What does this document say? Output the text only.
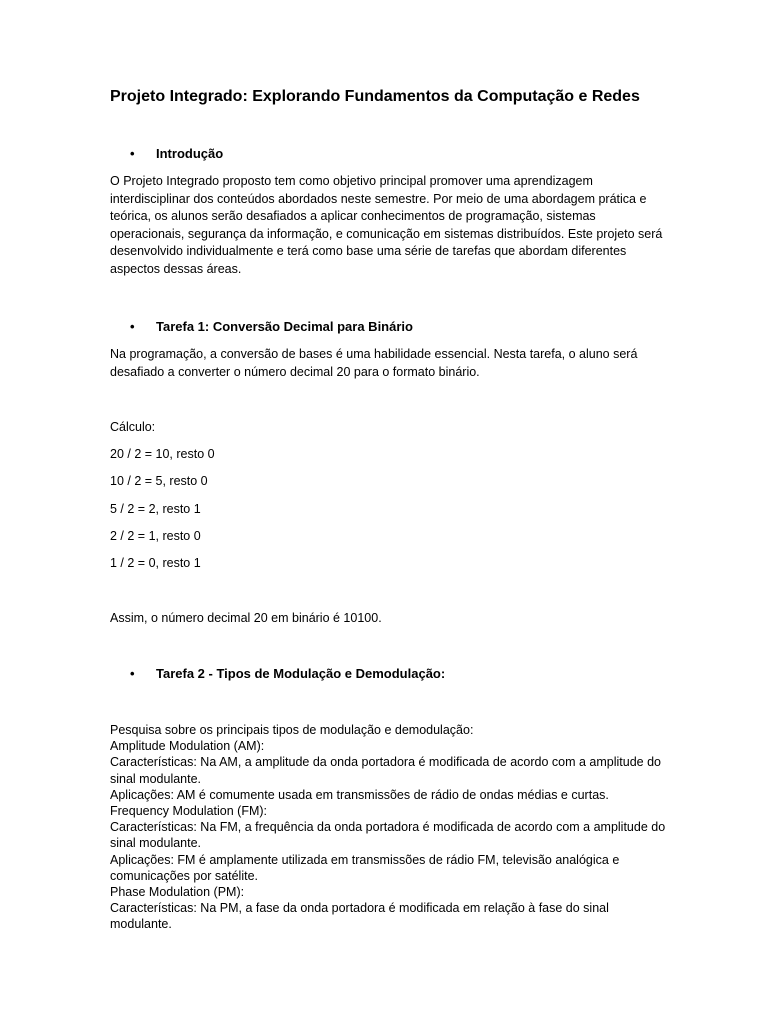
Projeto Integrado: Explorando Fundamentos da Computação e Redes
• Introdução
O Projeto Integrado proposto tem como objetivo principal promover uma aprendizagem interdisciplinar dos conteúdos abordados neste semestre. Por meio de uma abordagem prática e teórica, os alunos serão desafiados a aplicar conhecimentos de programação, sistemas operacionais, segurança da informação, e comunicação em sistemas distribuídos. Este projeto será desenvolvido individualmente e terá como base uma série de tarefas que abordam diferentes aspectos dessas áreas.
• Tarefa 1: Conversão Decimal para Binário
Na programação, a conversão de bases é uma habilidade essencial. Nesta tarefa, o aluno será desafiado a converter o número decimal 20 para o formato binário.
Cálculo:
20 / 2 = 10, resto 0
10 / 2 = 5, resto 0
5 / 2 = 2, resto 1
2 / 2 = 1, resto 0
1 / 2 = 0, resto 1
Assim, o número decimal 20 em binário é 10100.
• Tarefa 2 - Tipos de Modulação e Demodulação:
Pesquisa sobre os principais tipos de modulação e demodulação:
Amplitude Modulation (AM):
Características: Na AM, a amplitude da onda portadora é modificada de acordo com a amplitude do sinal modulante.
Aplicações: AM é comumente usada em transmissões de rádio de ondas médias e curtas.
Frequency Modulation (FM):
Características: Na FM, a frequência da onda portadora é modificada de acordo com a amplitude do sinal modulante.
Aplicações: FM é amplamente utilizada em transmissões de rádio FM, televisão analógica e comunicações por satélite.
Phase Modulation (PM):
Características: Na PM, a fase da onda portadora é modificada em relação à fase do sinal modulante.
